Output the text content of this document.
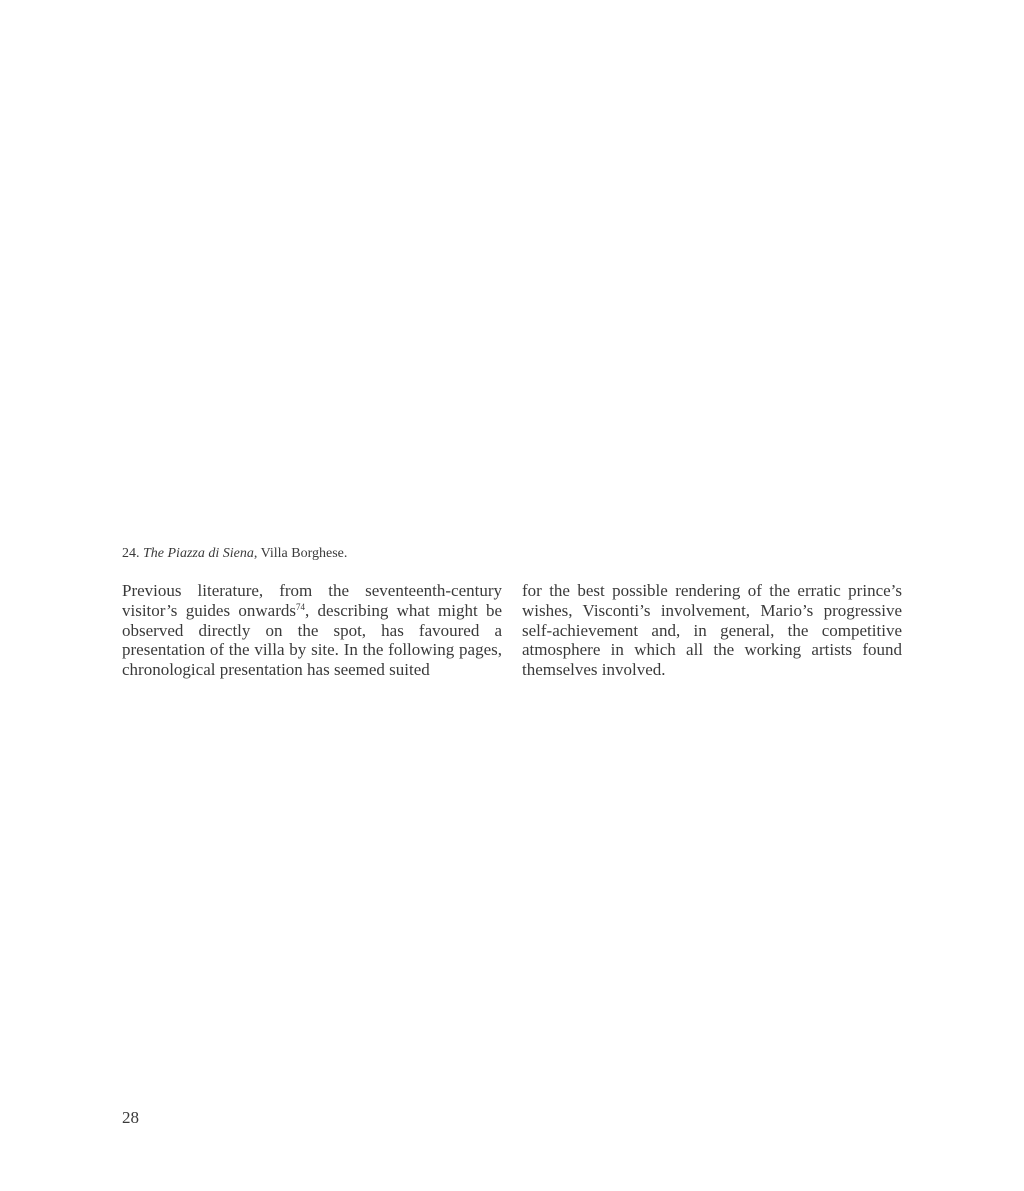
24. The Piazza di Siena, Villa Borghese.
Previous literature, from the seventeenth-century visitor’s guides onwards$^{74}$, describing what might be observed directly on the spot, has favoured a presentation of the villa by site. In the following pages, chronological presentation has seemed suited
for the best possible rendering of the erratic prince’s wishes, Visconti’s involvement, Mario’s progressive self-achievement and, in general, the competitive atmosphere in which all the working artists found themselves involved.
28
